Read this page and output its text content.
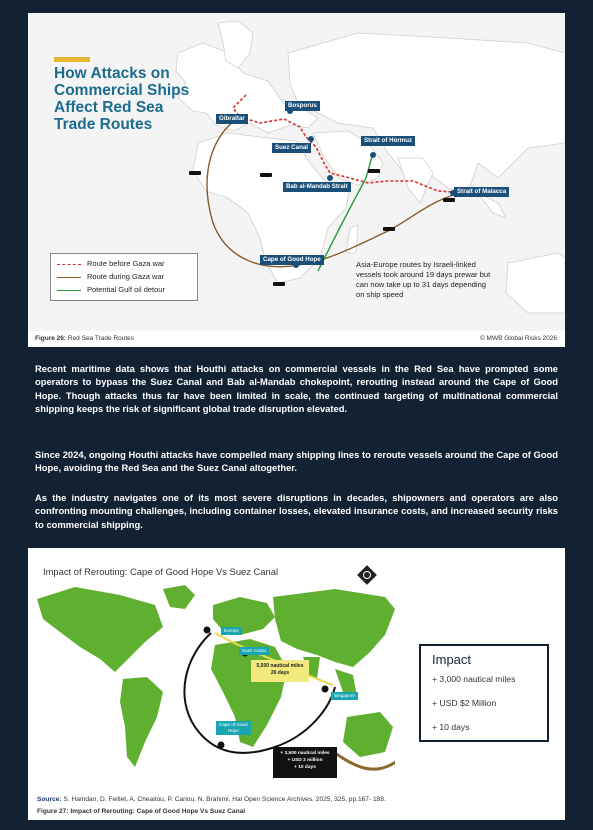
How Attacks on
Commercial Ships
Affect Red Sea
Trade Routes	Gibraltar
Bosporus
Suez Canal
Strait of Hormuz
Bab al-Mandab Strait
Strait of Malacca
Cape of Good Hope
Route before Gaza war
Route during Gaza war
Potential Gulf oil detour
Asia-Europe routes by Israeli-linked vessels took around 19 days prewar but can now take up to 31 days depending on ship speed
Figure 26: Red Sea Trade Routes	© MWB Global Risks 2026

Recent maritime data shows that Houthi attacks on commercial vessels in the Red Sea have prompted some operators to bypass the Suez Canal and Bab al-Mandab chokepoint, rerouting instead around the Cape of Good Hope. Though attacks thus far have been limited in scale, the continued targeting of multinational commercial shipping keeps the risk of significant global trade disruption elevated.

Since 2024, ongoing Houthi attacks have compelled many shipping lines to reroute vessels around the Cape of Good Hope, avoiding the Red Sea and the Suez Canal altogether.

As the industry navigates one of its most severe disruptions in decades, shipowners and operators are also confronting mounting challenges, including container losses, elevated insurance costs, and increased security risks to commercial shipping.

Impact of Rerouting: Cape of Good Hope Vs Suez Canal
Europe
Suez Canal
Singapore
Cape of Good
Hope
5,500 nautical miles
26 days
+ 3,500 nautical miles
+ USD 2 million
+ 10 days
Impact
+ 3,000 nautical miles
+ USD $2 Million
+ 10 days
Source: S. Hamdan, D. Feillet, A. Cheaitou, P. Cariou, N. Brahimi. Hal Open Science Archives, 2025, 325, pp.167- 188.
Figure 27: Impact of Rerouting: Cape of Good Hope Vs Suez Canal
